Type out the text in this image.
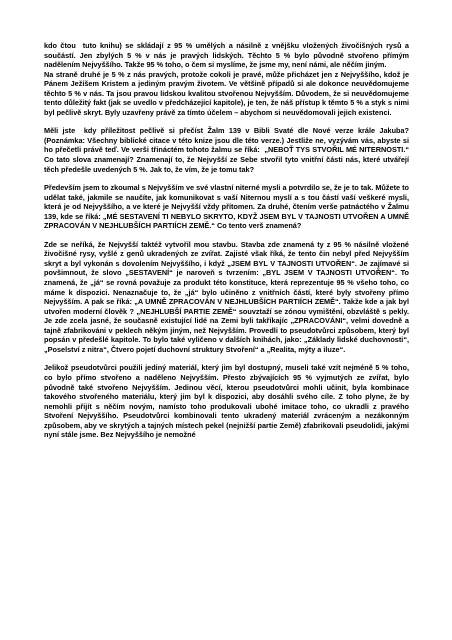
kdo čtou  tuto knihu) se skládají z 95 % umělých a násilně z vnějšku vložených živočišných rysů a součástí. Jen zbylých 5 % v nás je pravých lidských. Těchto 5 % bylo původně stvořeno přímým nadělením Nejvyššího. Takže 95 % toho, o čem si myslíme, že jsme my, není námi, ale něčím jiným.
Na straně druhé je 5 % z nás pravých, protože cokoli je pravé, může přicházet jen z Nejvyššího, kdož je Pánem Ježíšem Kristem a jediným pravým životem. Ve většině případů si ale dokonce neuvědomujeme těchto 5 % v nás. Ta jsou pravou lidskou kvalitou stvořenou Nejvyšším. Důvodem, že si neuvědomujeme tento důležitý fakt (jak se uvedlo v předcházející kapitole), je ten, že náš přístup k těmto 5 % a styk s nimi byl pečlivě skryt. Byly uzavřeny právě za tímto účelem – abychom si neuvědomovali jejich existenci.

Měli jste  kdy příležitost pečlivě si přečíst Žalm 139 v Bibli Svaté dle Nové verze krále Jakuba? (Poznámka: Všechny biblické citace v této knize jsou dle této verze.) Jestliže ne, vyzývám vás, abyste si ho přečetli právě teď. Ve verši třináctém tohoto žalmu se říká:  „NEBOŤ TYS STVOŘIL MÉ NITERNOSTI.“ Co tato slova znamenají? Znamenají to, že Nejvyšší ze Sebe stvořil tyto vnitřní části nás, které utvářejí těch předešle uvedených 5 %. Jak to, že vím, že je tomu tak?

Především jsem to zkoumal s Nejvyšším ve své vlastní niterné mysli a potvrdilo se, že je to tak. Můžete to udělat také, jakmile se naučíte, jak komunikovat s vaší Niternou myslí a s tou částí vaší veškeré mysli, která je od Nejvyššího, a ve které je Nejvyšší vždy přítomen. Za druhé, čtením verše patnáctého v Žalmu 139, kde se říká: „MÉ SESTAVENÍ TI NEBYLO SKRYTO, KDYŽ JSEM BYL V TAJNOSTI UTVOŘEN A UMNĚ ZPRACOVÁN V NEJHLUBŠÍCH PARTIÍCH ZEMĚ.“ Co tento verš znamená?

Zde se neříká, že Nejvyšší taktéž vytvořil mou stavbu. Stavba zde znamená ty z 95 % násilně vložené živočišné rysy, vyšlé z genů ukradených ze zvířat. Zajisté však říká, že tento čin nebyl před Nejvyšším skryt a byl vykonán s dovolením Nejvyššího, i když „JSEM BYL V TAJNOSTI UTVOŘEN“. Je zajímavé si povšimnout, že slovo „SESTAVENÍ“ je naroveň s tvrzením: „BYL JSEM V TAJNOSTI UTVOŘEN“. To znamená, že „já“ se rovná považuje za produkt této konstituce, která reprezentuje 95 % všeho toho, co máme k dispozici. Nenaznačuje to, že „já“ bylo učiněno z vnitřních částí, které byly stvořeny přímo Nejvyšším. A pak se říká: „A UMNĚ ZPRACOVÁN V NEJHLUBŠÍCH PARTIÍCH ZEMĚ“. Takže kde a jak byl utvořen moderní člověk ? „NEJHLUBŠÍ PARTIE ZEMĚ“ souvztaží se zónou vymištění, obzvláště s pekly. Je zde zcela jasné, že současně existující lidé na Zemi byli takříkajíc „ZPRACOVÁNI“, velmi dovedně a tajně zfabrikováni v peklech někým jiným, než Nejvyšším. Provedli to pseudotvůrci způsobem, který byl popsán v předešlé kapitole. To bylo také vyličeno v dalších knihách, jako: „Základy lidské duchovnosti“, „Poselství z nitra“, Čtvero pojetí duchovní struktury Stvoření“ a „Realita, mýty a iluze“.

Jelikož pseudotvůrci použili jediný materiál, který jim byl dostupný, museli také vzít nejméně 5 % toho, co bylo přímo stvořeno a naděleno Nejvyšším. Přesto zbývajících 95 % vyjmutých ze zvířat, bylo původně také stvořeno Nejvyšším. Jedinou věcí, kterou pseudotvůrci mohli učinit, byla kombinace takového stvořeného materiálu, který jim byl k dispozici, aby dosáhli svého cíle. Z toho plyne, že by nemohli přijít s něčím novým, namísto toho produkovali ubohé imitace toho, co ukradli z pravého Stvoření Nejvyššího. Pseudotvůrci kombinovali tento ukradený materiál zvráceným a nezákonným způsobem, aby ve skrytých a tajných místech pekel (nejnižší partie Země) zfabrikovali pseudolidi, jakými nyní stále jsme. Bez Nejvyššího je nemožné
